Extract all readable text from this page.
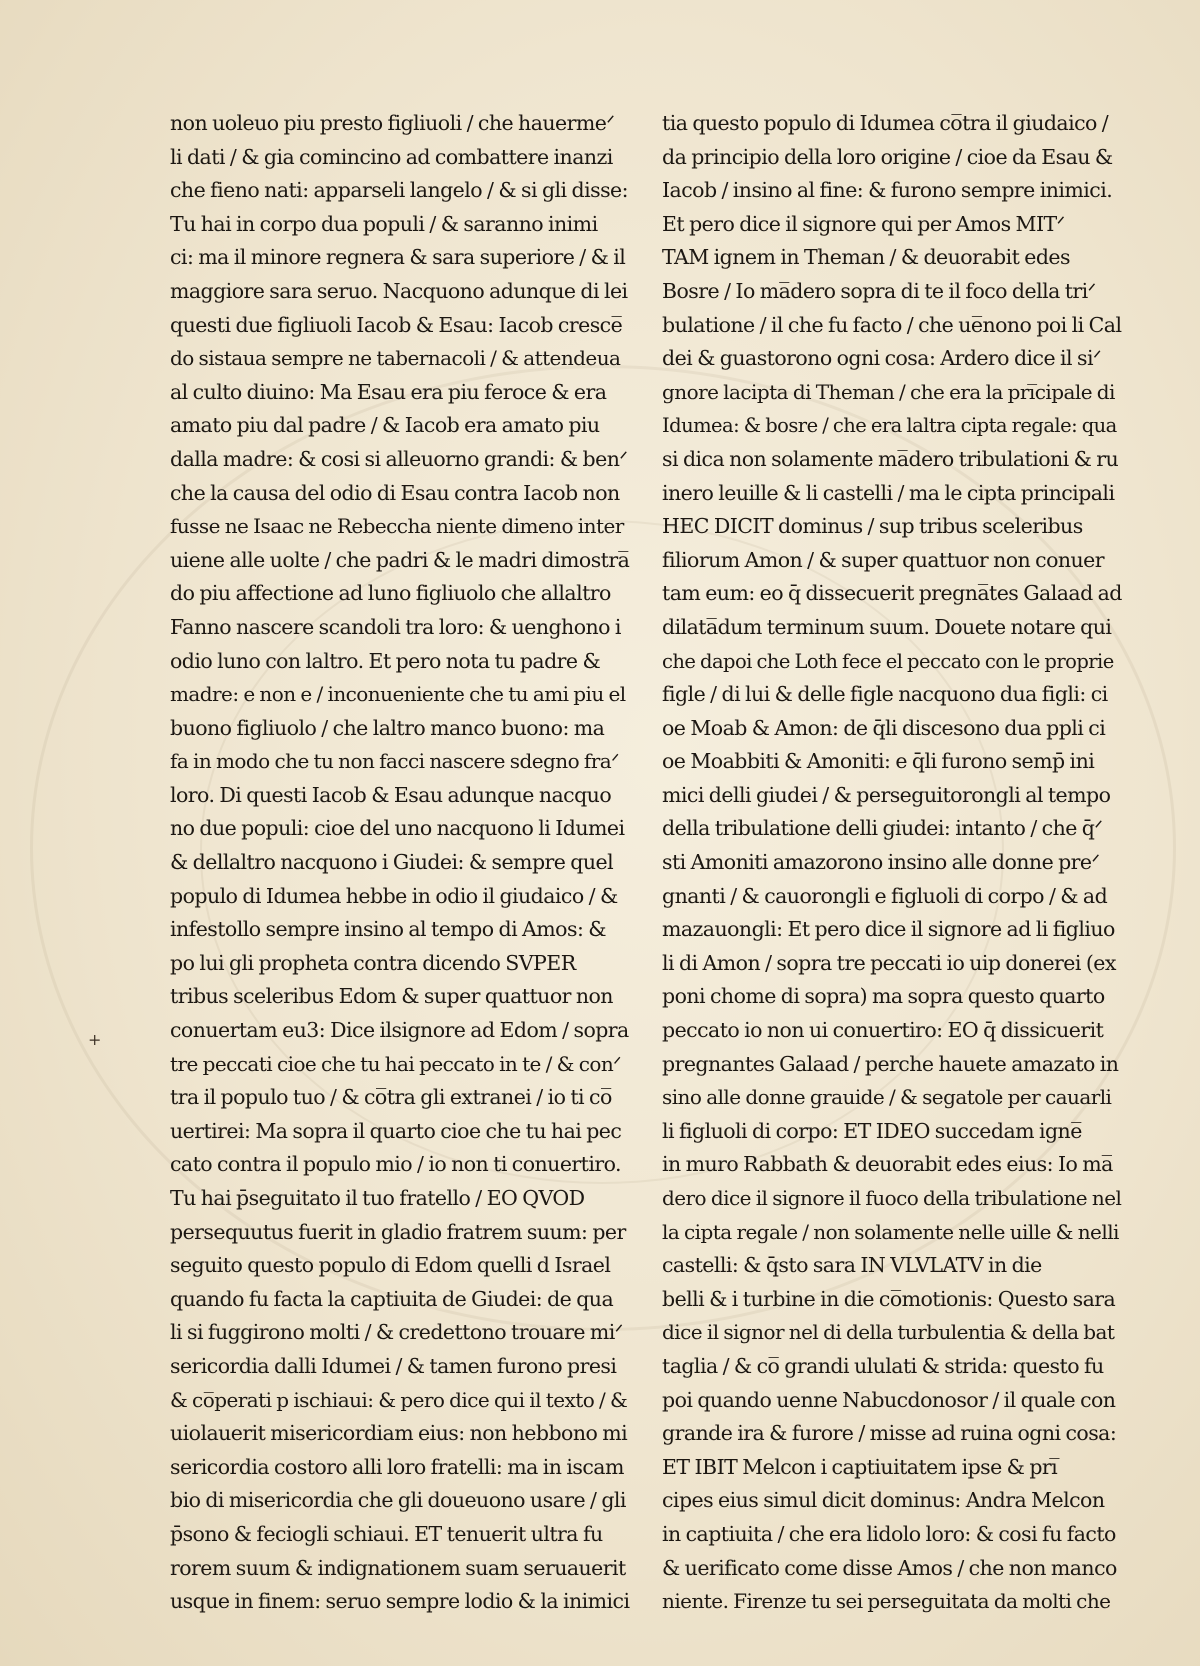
+
non uoleuo piu presto figliuoli / che hauermeᐟ
li dati / & gia comincino ad combattere inanzi
che fieno nati: apparseli langelo / & si gli disse:
Tu hai in corpo dua populi / & saranno inimi
ci: ma il minore regnera & sara superiore / & il
maggiore sara seruo. Nacquono adunque di lei
questi due figliuoli Iacob & Esau: Iacob cresce̅
do sistaua sempre ne tabernacoli / & attendeua
al culto diuino: Ma Esau era piu feroce & era
amato piu dal padre / & Iacob era amato piu
dalla madre: & cosi si alleuorno grandi: & benᐟ
che la causa del odio di Esau contra Iacob non
fusse ne Isaac ne Rebeccha niente dimeno inter
uiene alle uolte / che padri & le madri dimostra̅
do piu affectione ad luno figliuolo che allaltro
Fanno nascere scandoli tra loro: & uenghono i
odio luno con laltro. Et pero nota tu padre &
madre: e non e / inconueniente che tu ami piu el
buono figliuolo / che laltro manco buono: ma
fa in modo che tu non facci nascere sdegno fraᐟ
loro. Di questi Iacob & Esau adunque nacquo
no due populi: cioe del uno nacquono li Idumei
& dellaltro nacquono i Giudei: & sempre quel
populo di Idumea hebbe in odio il giudaico / &
infestollo sempre insino al tempo di Amos: &
po lui gli propheta contra dicendo SVPER
tribus sceleribus Edom & super quattuor non
conuertam eu3: Dice ilsignore ad Edom / sopra
tre peccati cioe che tu hai peccato in te / & conᐟ
tra il populo tuo / & co̅tra gli extranei / io ti co̅
uertirei: Ma sopra il quarto cioe che tu hai pec
cato contra il populo mio / io non ti conuertiro.
Tu hai p̄seguitato il tuo fratello / EO QVOD
persequutus fuerit in gladio fratrem suum: per
seguito questo populo di Edom quelli d Israel
quando fu facta la captiuita de Giudei: de qua
li si fuggirono molti / & credettono trouare miᐟ
sericordia dalli Idumei / & tamen furono presi
& co̅perati p ischiaui: & pero dice qui il texto / &
uiolauerit misericordiam eius: non hebbono mi
sericordia costoro alli loro fratelli: ma in iscam
bio di misericordia che gli doueuono usare / gli
p̄sono & feciogli schiaui. ET tenuerit ultra fu
rorem suum & indignationem suam seruauerit
usque in finem: seruo sempre lodio & la inimici
tia questo populo di Idumea co̅tra il giudaico /
da principio della loro origine / cioe da Esau &
Iacob / insino al fine: & furono sempre inimici.
Et pero dice il signore qui per Amos MITᐟ
TAM ignem in Theman / & deuorabit edes
Bosre / Io ma̅dero sopra di te il foco della triᐟ
bulatione / il che fu facto / che ue̅nono poi li Cal
dei & guastorono ogni cosa: Ardero dice il siᐟ
gnore lacipta di Theman / che era la pri̅cipale di
Idumea: & bosre / che era laltra cipta regale: qua
si dica non solamente ma̅dero tribulationi & ru
inero leuille & li castelli / ma le cipta principali
HEC DICIT dominus / sup tribus sceleribus
filiorum Amon / & super quattuor non conuer
tam eum: eo q̄ dissecuerit pregna̅tes Galaad ad
dilata̅dum terminum suum. Douete notare qui
che dapoi che Loth fece el peccato con le proprie
figle / di lui & delle figle nacquono dua figli: ci
oe Moab & Amon: de q̄li discesono dua ppli ci
oe Moabbiti & Amoniti: e q̄li furono semp̄ ini
mici delli giudei / & perseguitorongli al tempo
della tribulatione delli giudei: intanto / che q̄ᐟ
sti Amoniti amazorono insino alle donne preᐟ
gnanti / & cauorongli e figluoli di corpo / & ad
mazauongli: Et pero dice il signore ad li figliuo
li di Amon / sopra tre peccati io uip donerei (ex
poni chome di sopra) ma sopra questo quarto
peccato io non ui conuertiro: EO q̄ dissicuerit
pregnantes Galaad / perche hauete amazato in
sino alle donne grauide / & segatole per cauarli
li figluoli di corpo: ET IDEO succedam igne̅
in muro Rabbath & deuorabit edes eius: Io ma̅
dero dice il signore il fuoco della tribulatione nel
la cipta regale / non solamente nelle uille & nelli
castelli: & q̄sto sara IN VLVLATV in die
belli & i turbine in die co̅motionis: Questo sara
dice il signor nel di della turbulentia & della bat
taglia / & co̅ grandi ululati & strida: questo fu
poi quando uenne Nabucdonosor / il quale con
grande ira & furore / misse ad ruina ogni cosa:
ET IBIT Melcon i captiuitatem ipse & pri̅
cipes eius simul dicit dominus: Andra Melcon
in captiuita / che era lidolo loro: & cosi fu facto
& uerificato come disse Amos / che non manco
niente. Firenze tu sei perseguitata da molti che
